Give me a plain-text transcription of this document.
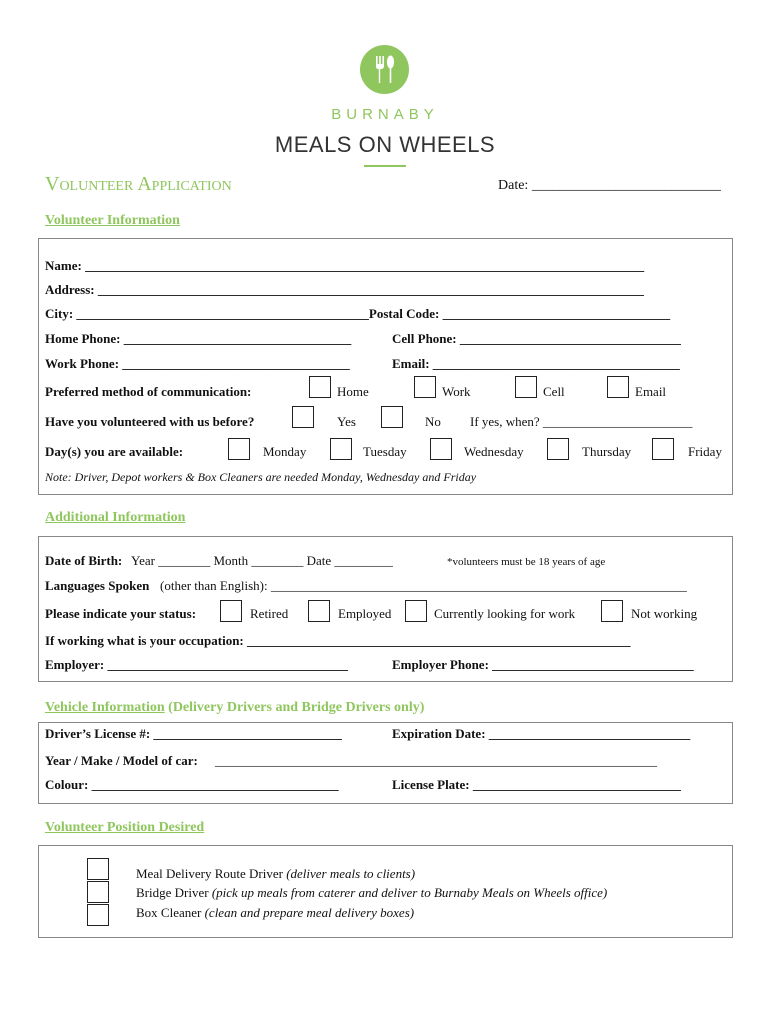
BURNABY
MEALS ON WHEELS
Volunteer Application	Date: ___________________________
Volunteer Information
Name: ______________________________________________________________________________________
Address: ____________________________________________________________________________________
City: _____________________________________________Postal Code: ___________________________________
Home Phone: ___________________________________	Cell Phone: __________________________________
Work Phone: ___________________________________	Email: ______________________________________
Preferred method of communication:	Home	Work	Cell	Email
Have you volunteered with us before?	Yes	No If yes, when? _______________________
Day(s) you are available:	Monday	Tuesday	Wednesday	Thursday	Friday
Note: Driver, Depot workers & Box Cleaners are needed Monday, Wednesday and Friday
Additional Information
Date of Birth: Year ________ Month ________ Date _________	*volunteers must be 18 years of age
Languages Spoken (other than English): ________________________________________________________________
Please indicate your status:	Retired	Employed	Currently looking for work	Not working
If working what is your occupation: ___________________________________________________________
Employer: _____________________________________	Employer Phone: _______________________________
Vehicle Information (Delivery Drivers and Bridge Drivers only)
Driver’s License #: _____________________________	Expiration Date: _______________________________
Year / Make / Model of car: ____________________________________________________________________
Colour: ______________________________________	License Plate: ________________________________
Volunteer Position Desired
Meal Delivery Route Driver (deliver meals to clients)
Bridge Driver (pick up meals from caterer and deliver to Burnaby Meals on Wheels office)
Box Cleaner (clean and prepare meal delivery boxes)
